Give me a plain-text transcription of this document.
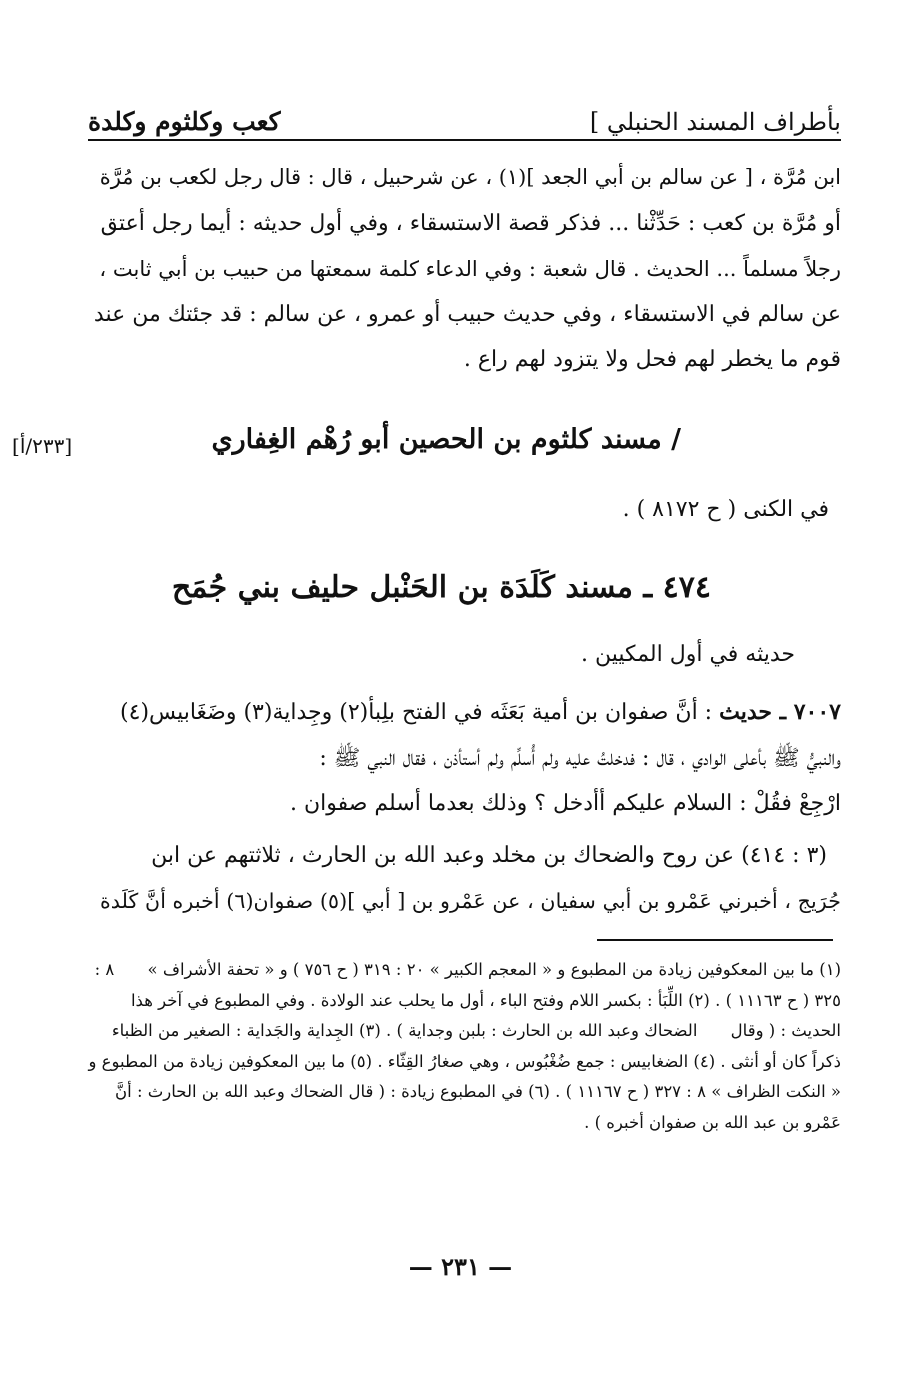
بأطراف المسند الحنبلي ]
كعب وكلثوم وكلدة
ابن مُرَّة ، [ عن سالم بن أبي الجعد ](١) ، عن شرحبيل ، قال : قال رجل لكعب بن مُرَّة
أو مُرَّة بن كعب : حَدِّثْنا ... فذكر قصة الاستسقاء ، وفي أول حديثه : أيما رجل أعتق
رجلاً مسلماً ... الحديث . قال شعبة : وفي الدعاء كلمة سمعتها من حبيب بن أبي ثابت ،
عن سالم في الاستسقاء ، وفي حديث حبيب أو عمرو ، عن سالم : قد جئتك من عند
قوم ما يخطر لهم فحل ولا يتزود لهم راع .
/ مسند كلثوم بن الحصين أبو رُهْم الغِفاري
[٢٣٣/أ]
في الكنى ( ح ٨١٧٢ ) .
٤٧٤ ـ مسند كَلَدَة بن الحَنْبل حليف بني جُمَح
حديثه في أول المكيين .
٧٠٠٧ ـ حديث : أنَّ صفوان بن أمية بَعَثَه في الفتح بلِبأ(٢) وجِداية(٣) وضَغَابيس(٤)
والنبيُّ ﷺ بأعلى الوادي ، قال : فدخلتُ عليه ولم أُسلِّم ولم أستأذن ، فقال النبي ﷺ :
ارْجِعْ فقُلْ : السلام عليكم أأدخل ؟ وذلك بعدما أسلم صفوان .
(٣ : ٤١٤) عن روح والضحاك بن مخلد وعبد الله بن الحارث ، ثلاثتهم عن ابن
جُرَيج ، أخبرني عَمْرو بن أبي سفيان ، عن عَمْرو بن [ أبي ](٥) صفوان(٦) أخبره أنَّ كَلَدة
(١) ما بين المعكوفين زيادة من المطبوع و « المعجم الكبير » ٢٠ : ٣١٩ ( ح ٧٥٦ ) و « تحفة الأشراف » ٨ : ٣٢٥ ( ح ١١١٦٣ ) . (٢) اللِّبَأ : بكسر اللام وفتح الباء ، أول ما يحلب عند الولادة . وفي المطبوع في آخر هذا الحديث : ( وقال الضحاك وعبد الله بن الحارث : بلبن وجداية ) . (٣) الجِداية والجَداية : الصغير من الظباء ذكراً كان أو أنثى . (٤) الضغابيس : جمع ضُغْبُوس ، وهي صغارُ القِثّاء . (٥) ما بين المعكوفين زيادة من المطبوع و « النكت الظراف » ٨ : ٣٢٧ ( ح ١١١٦٧ ) . (٦) في المطبوع زيادة : ( قال الضحاك وعبد الله بن الحارث : أنَّ عَمْرو بن عبد الله بن صفوان أخبره ) .
— ٢٣١ —
